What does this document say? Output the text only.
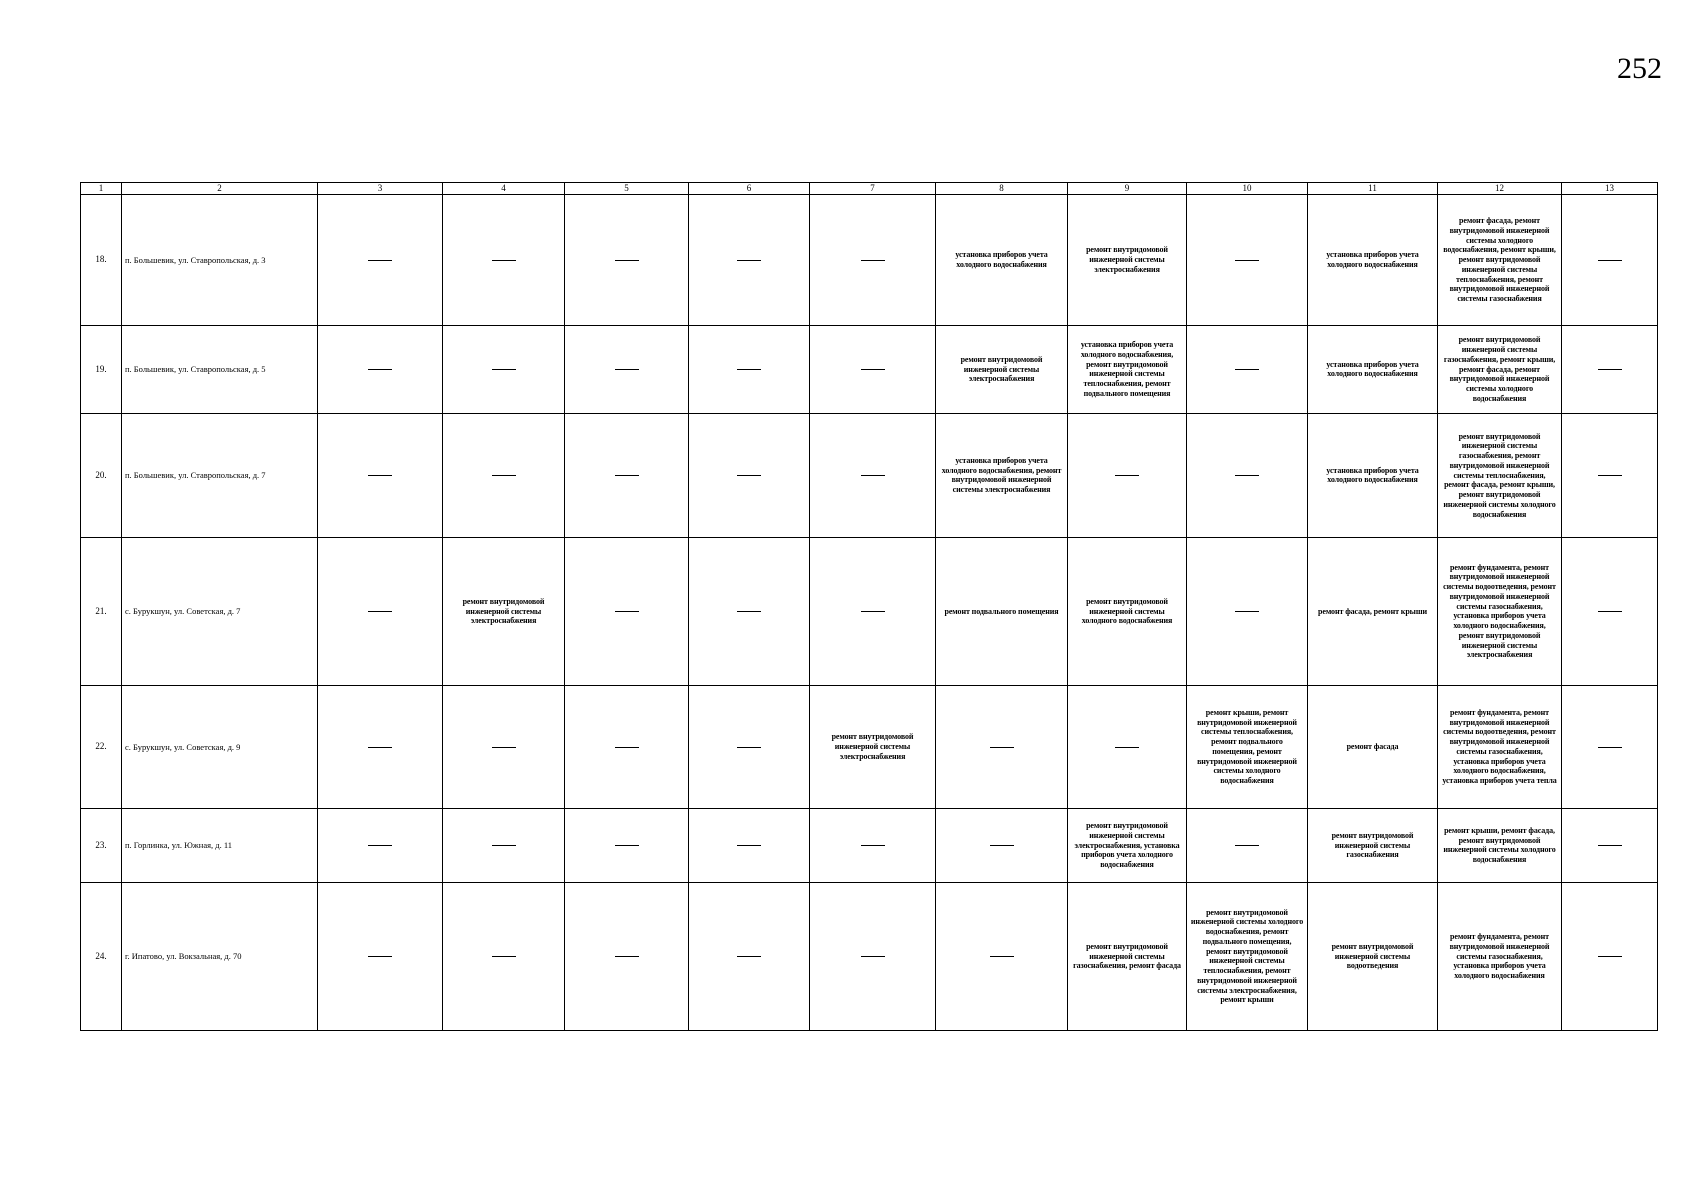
252
1	2	3	4	5	6	7	8	9	10	11	12	13
18.	п. Большевик, ул. Ставропольская, д. 3						установка приборов учета холодного водоснабжения	ремонт внутридомовой инженерной системы электроснабжения		установка приборов учета холодного водоснабжения	ремонт фасада, ремонт внутридомовой инженерной системы холодного водоснабжения, ремонт крыши, ремонт внутридомовой инженерной системы теплоснабжения, ремонт внутридомовой инженерной системы газоснабжения	
19.	п. Большевик, ул. Ставропольская, д. 5						ремонт внутридомовой инженерной системы электроснабжения	установка приборов учета холодного водоснабжения, ремонт внутридомовой инженерной системы теплоснабжения, ремонт подвального помещения		установка приборов учета холодного водоснабжения	ремонт внутридомовой инженерной системы газоснабжения, ремонт крыши, ремонт фасада, ремонт внутридомовой инженерной системы холодного водоснабжения	
20.	п. Большевик, ул. Ставропольская, д. 7						установка приборов учета холодного водоснабжения, ремонт внутридомовой инженерной системы электроснабжения			установка приборов учета холодного водоснабжения	ремонт внутридомовой инженерной системы газоснабжения, ремонт внутридомовой инженерной системы теплоснабжения, ремонт фасада, ремонт крыши, ремонт внутридомовой инженерной системы холодного водоснабжения	
21.	с. Бурукшун, ул. Советская, д. 7		ремонт внутридомовой инженерной системы электроснабжения				ремонт подвального помещения	ремонт внутридомовой инженерной системы холодного водоснабжения		ремонт фасада, ремонт крыши	ремонт фундамента, ремонт внутридомовой инженерной системы водоотведения, ремонт внутридомовой инженерной системы газоснабжения, установка приборов учета холодного водоснабжения, ремонт внутридомовой инженерной системы электроснабжения	
22.	с. Бурукшун, ул. Советская, д. 9					ремонт внутридомовой инженерной системы электроснабжения			ремонт крыши, ремонт внутридомовой инженерной системы теплоснабжения, ремонт подвального помещения, ремонт внутридомовой инженерной системы холодного водоснабжения	ремонт фасада	ремонт фундамента, ремонт внутридомовой инженерной системы водоотведения, ремонт внутридомовой инженерной системы газоснабжения, установка приборов учета холодного водоснабжения, установка приборов учета тепла	
23.	п. Горлинка, ул. Южная, д. 11							ремонт внутридомовой инженерной системы электроснабжения, установка приборов учета холодного водоснабжения		ремонт внутридомовой инженерной системы газоснабжения	ремонт крыши, ремонт фасада, ремонт внутридомовой инженерной системы холодного водоснабжения	
24.	г. Ипатово, ул. Вокзальная, д. 70							ремонт внутридомовой инженерной системы газоснабжения, ремонт фасада	ремонт внутридомовой инженерной системы холодного водоснабжения, ремонт подвального помещения, ремонт внутридомовой инженерной системы теплоснабжения, ремонт внутридомовой инженерной системы электроснабжения, ремонт крыши	ремонт внутридомовой инженерной системы водоотведения	ремонт фундамента, ремонт внутридомовой инженерной системы газоснабжения, установка приборов учета холодного водоснабжения	
